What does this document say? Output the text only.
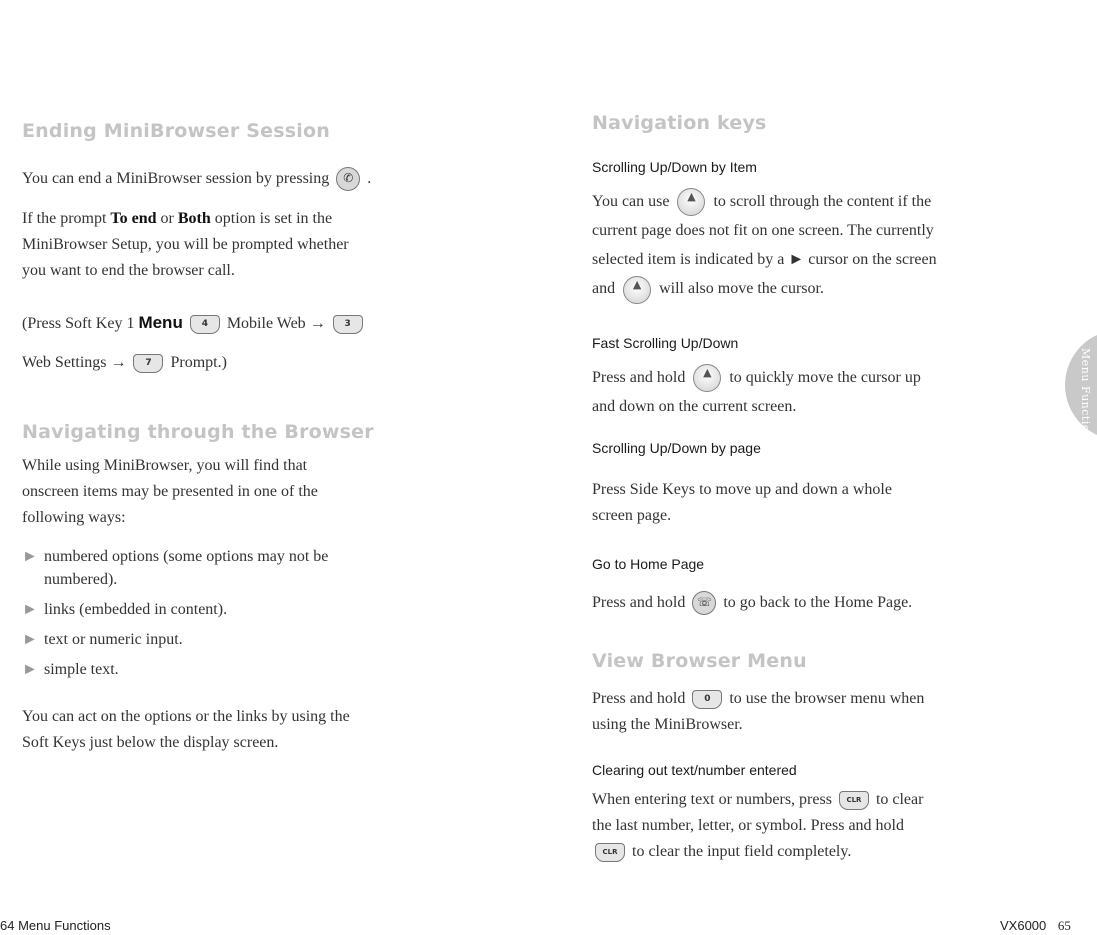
Ending MiniBrowser Session
You can end a MiniBrowser session by pressing ✆ .
If the prompt To end or Both option is set in the
MiniBrowser Setup, you will be prompted whether
you want to end the browser call.
(Press Soft Key 1 Menu 4 Mobile Web → 3
Web Settings → 7 Prompt.)
Navigating through the Browser
While using MiniBrowser, you will find that
onscreen items may be presented in one of the
following ways:
► numbered options (some options may not be
numbered).
► links (embedded in content).
► text or numeric input.
► simple text.
You can act on the options or the links by using the
Soft Keys just below the display screen.
Navigation keys
Scrolling Up/Down by Item
You can use ▲ to scroll through the content if the
current page does not fit on one screen. The currently
selected item is indicated by a ► cursor on the screen
and ▲ will also move the cursor.
Fast Scrolling Up/Down
Press and hold ▲ to quickly move the cursor up
and down on the current screen.
Scrolling Up/Down by page
Press Side Keys to move up and down a whole
screen page.
Go to Home Page
Press and hold ☏ to go back to the Home Page.
View Browser Menu
Press and hold 0 to use the browser menu when
using the MiniBrowser.
Clearing out text/number entered
When entering text or numbers, press CLR to clear
the last number, letter, or symbol. Press and hold
CLR to clear the input field completely.
Menu Functions
64 Menu Functions	VX6000 65
